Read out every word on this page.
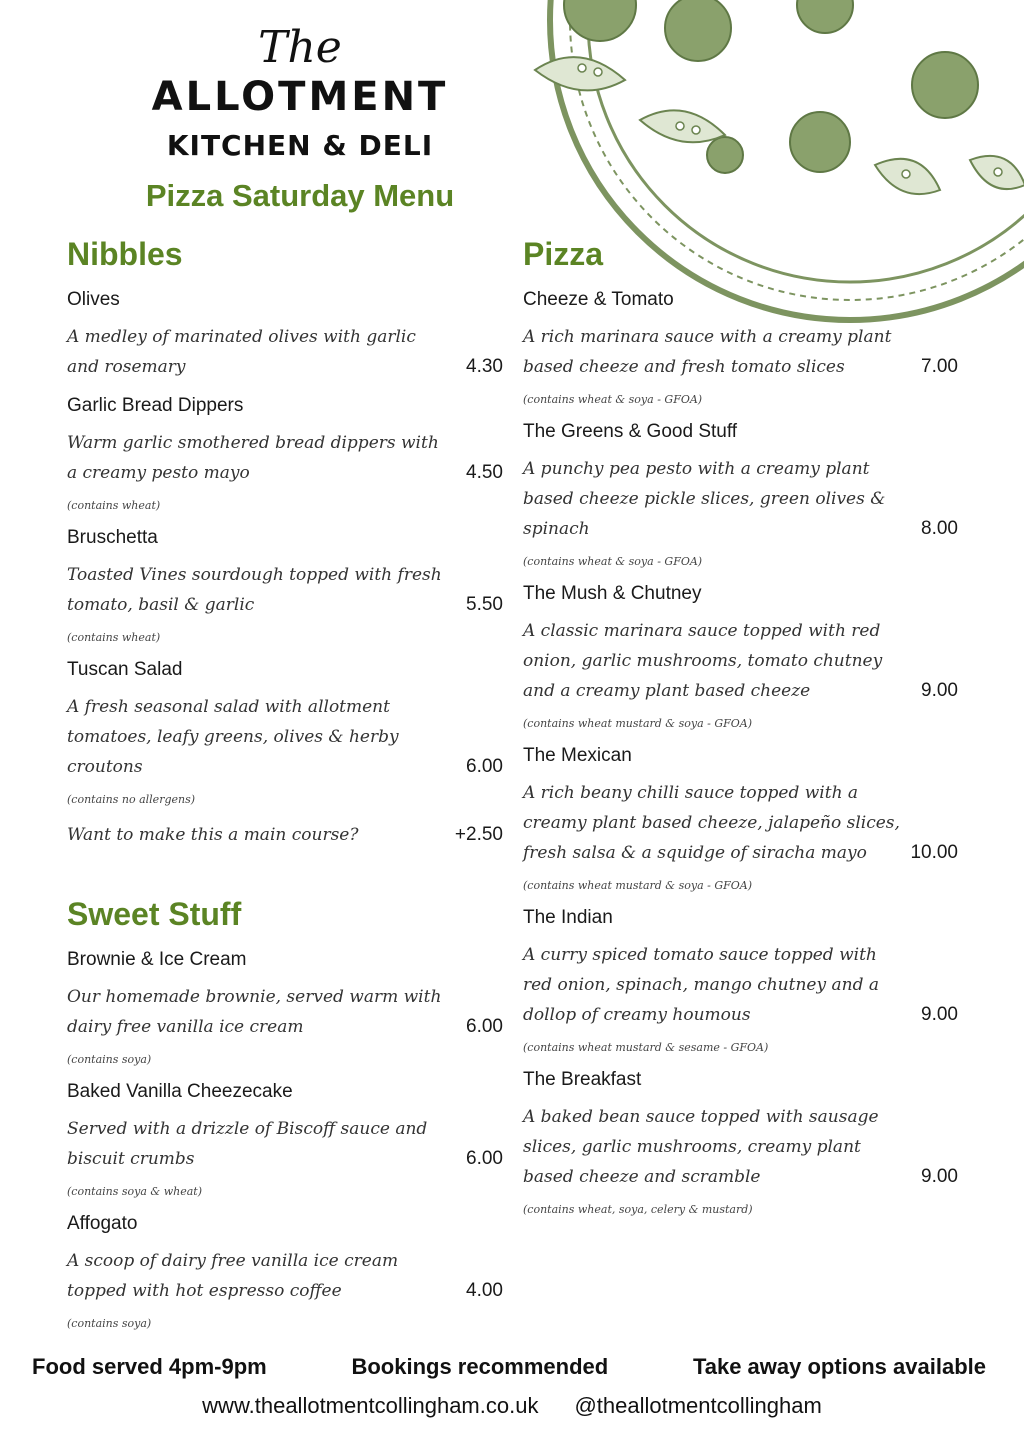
The
ALLOTMENT
KITCHEN & DELI
Pizza Saturday Menu
Nibbles
Olives
A medley of marinated olives with garlic and rosemary	4.30
Garlic Bread Dippers
Warm garlic smothered bread dippers with a creamy pesto mayo	4.50
(contains wheat)
Bruschetta
Toasted Vines sourdough topped with fresh tomato, basil & garlic	5.50
(contains wheat)
Tuscan Salad
A fresh seasonal salad with allotment tomatoes, leafy greens, olives & herby croutons	6.00
(contains no allergens)
Want to make this a main course?	+2.50
Sweet Stuff
Brownie & Ice Cream
Our homemade brownie, served warm with dairy free vanilla ice cream	6.00
(contains soya)
Baked Vanilla Cheezecake
Served with a drizzle of Biscoff sauce and biscuit crumbs	6.00
(contains soya & wheat)
Affogato
A scoop of dairy free vanilla ice cream topped with hot espresso coffee	4.00
(contains soya)
Pizza
Cheeze & Tomato
A rich marinara sauce with a creamy plant based cheeze and fresh tomato slices	7.00
(contains wheat & soya - GFOA)
The Greens & Good Stuff
A punchy pea pesto with a creamy plant based cheeze pickle slices, green olives & spinach	8.00
(contains wheat & soya - GFOA)
The Mush & Chutney
A classic marinara sauce topped with red onion, garlic mushrooms, tomato chutney and a creamy plant based cheeze	9.00
(contains wheat mustard & soya - GFOA)
The Mexican
A rich beany chilli sauce topped with a creamy plant based cheeze, jalapeño slices, fresh salsa & a squidge of siracha mayo 10.00
(contains wheat mustard & soya - GFOA)
The Indian
A curry spiced tomato sauce topped with red onion, spinach, mango chutney and a dollop of creamy houmous	9.00
(contains wheat mustard & sesame - GFOA)
The Breakfast
A baked bean sauce topped with sausage slices, garlic mushrooms, creamy plant based cheeze and scramble	9.00
(contains wheat, soya, celery & mustard)
Food served 4pm-9pm	Bookings recommended	Take away options available
www.theallotmentcollingham.co.uk @theallotmentcollingham
